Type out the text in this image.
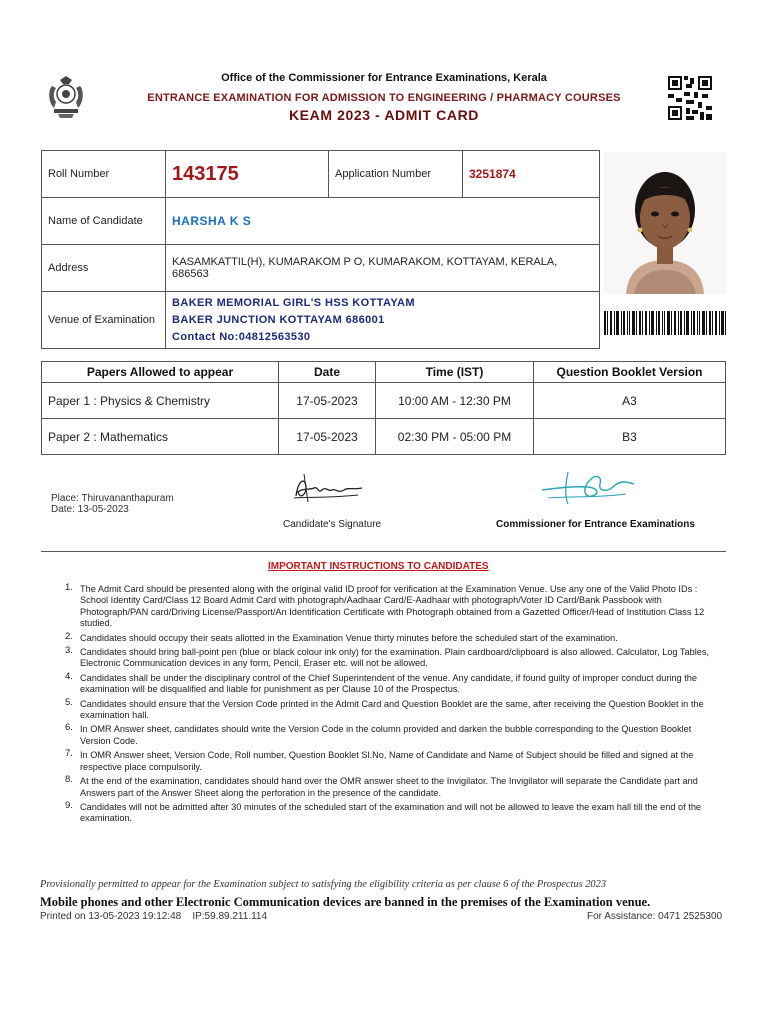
Office of the Commissioner for Entrance Examinations, Kerala
ENTRANCE EXAMINATION FOR ADMISSION TO ENGINEERING / PHARMACY COURSES
KEAM 2023 - ADMIT CARD
Roll Number	143175	Application Number	3251874
Name of Candidate	HARSHA K S		
Address	KASAMKATTIL(H), KUMARAKOM P O, KUMARAKOM, KOTTAYAM, KERALA, 686563		
Venue of Examination	BAKER MEMORIAL GIRL'S HSS KOTTAYAM
BAKER JUNCTION KOTTAYAM 686001
Contact No:04812563530		
Papers Allowed to appear	Date	Time (IST)	Question Booklet Version
Paper 1 : Physics & Chemistry	17-05-2023	10:00 AM - 12:30 PM	A3
Paper 2 : Mathematics	17-05-2023	02:30 PM - 05:00 PM	B3
Place: Thiruvananthapuram
Date: 13-05-2023
Candidate's Signature	Commissioner for Entrance Examinations
IMPORTANT INSTRUCTIONS TO CANDIDATES
1. The Admit Card should be presented along with the original valid ID proof for verification at the Examination Venue. Use any one of the Valid Photo IDs : School Identity Card/Class 12 Board Admit Card with photograph/Aadhaar Card/E-Aadhaar with photograph/Voter ID Card/Bank Passbook with Photograph/PAN card/Driving License/Passport/An Identification Certificate with Photograph obtained from a Gazetted Officer/Head of Institution Class 12 studied.
2. Candidates should occupy their seats allotted in the Examination Venue thirty minutes before the scheduled start of the examination.
3. Candidates should bring ball-point pen (blue or black colour ink only) for the examination. Plain cardboard/clipboard is also allowed. Calculator, Log Tables, Electronic Communication devices in any form, Pencil, Eraser etc. will not be allowed.
4. Candidates shall be under the disciplinary control of the Chief Superintendent of the venue. Any candidate, if found guilty of improper conduct during the examination will be disqualified and liable for punishment as per Clause 10 of the Prospectus.
5. Candidates should ensure that the Version Code printed in the Admit Card and Question Booklet are the same, after receiving the Question Booklet in the examination hall.
6. In OMR Answer sheet, candidates should write the Version Code in the column provided and darken the bubble corresponding to the Question Booklet Version Code.
7. In OMR Answer sheet, Version Code, Roll number, Question Booklet Sl.No, Name of Candidate and Name of Subject should be filled and signed at the respective place compulsorily.
8. At the end of the examination, candidates should hand over the OMR answer sheet to the Invigilator. The Invigilator will separate the Candidate part and Answers part of the Answer Sheet along the perforation in the presence of the candidate.
9. Candidates will not be admitted after 30 minutes of the scheduled start of the examination and will not be allowed to leave the exam hall till the end of the examination.
Provisionally permitted to appear for the Examination subject to satisfying the eligibility criteria as per clause 6 of the Prospectus 2023
Mobile phones and other Electronic Communication devices are banned in the premises of the Examination venue.
Printed on 13-05-2023 19:12:48    IP:59.89.211.114	For Assistance: 0471 2525300
